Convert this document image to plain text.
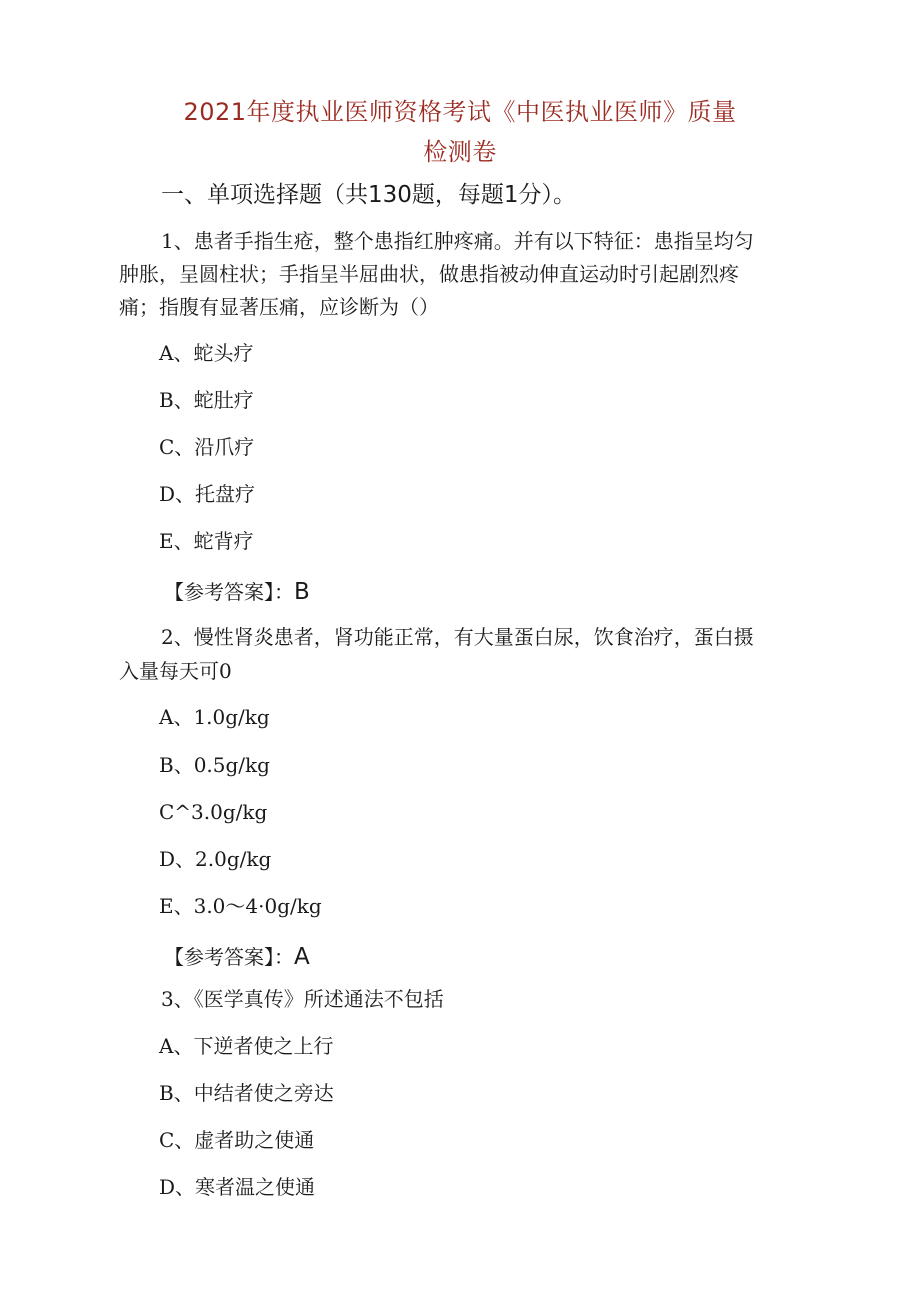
2021年度执业医师资格考试《中医执业医师》质量
检测卷
一、单项选择题（共130题，每题1分）。
1、患者手指生疮，整个患指红肿疼痛。并有以下特征：患指呈均匀
肿胀，呈圆柱状；手指呈半屈曲状，做患指被动伸直运动时引起剧烈疼
痛；指腹有显著压痛，应诊断为（）
A、蛇头疗
B、蛇肚疗
C、沿爪疗
D、托盘疗
E、蛇背疗
【参考答案】：B
2、慢性肾炎患者，肾功能正常，有大量蛋白尿，饮食治疗，蛋白摄
入量每天可0
A、1.0g/kg
B、0.5g/kg
C^3.0g/kg
D、2.0g/kg
E、3.0～4·0g/kg
【参考答案】：A
3、《医学真传》所述通法不包括
A、下逆者使之上行
B、中结者使之旁达
C、虚者助之使通
D、寒者温之使通
